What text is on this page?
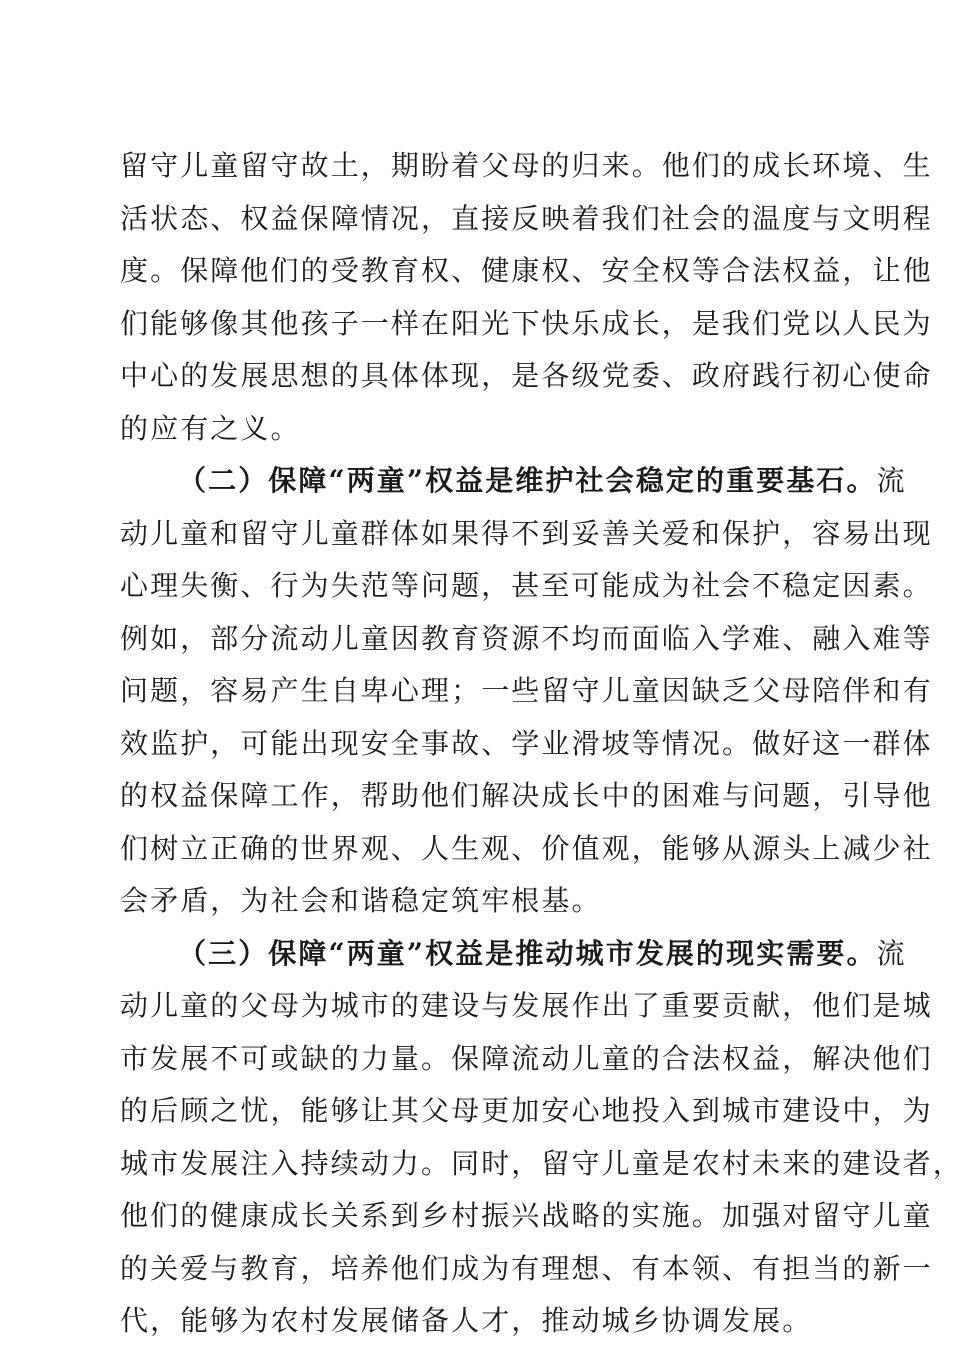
留守儿童留守故土，期盼着父母的归来。他们的成长环境、生
活状态、权益保障情况，直接反映着我们社会的温度与文明程
度。保障他们的受教育权、健康权、安全权等合法权益，让他
们能够像其他孩子一样在阳光下快乐成长，是我们党以人民为
中心的发展思想的具体体现，是各级党委、政府践行初心使命
的应有之义。
（二）保障“两童”权益是维护社会稳定的重要基石。流
动儿童和留守儿童群体如果得不到妥善关爱和保护，容易出现
心理失衡、行为失范等问题，甚至可能成为社会不稳定因素。
例如，部分流动儿童因教育资源不均而面临入学难、融入难等
问题，容易产生自卑心理；一些留守儿童因缺乏父母陪伴和有
效监护，可能出现安全事故、学业滑坡等情况。做好这一群体
的权益保障工作，帮助他们解决成长中的困难与问题，引导他
们树立正确的世界观、人生观、价值观，能够从源头上减少社
会矛盾，为社会和谐稳定筑牢根基。
（三）保障“两童”权益是推动城市发展的现实需要。流
动儿童的父母为城市的建设与发展作出了重要贡献，他们是城
市发展不可或缺的力量。保障流动儿童的合法权益，解决他们
的后顾之忧，能够让其父母更加安心地投入到城市建设中，为
城市发展注入持续动力。同时，留守儿童是农村未来的建设者，
他们的健康成长关系到乡村振兴战略的实施。加强对留守儿童
的关爱与教育，培养他们成为有理想、有本领、有担当的新一
代，能够为农村发展储备人才，推动城乡协调发展。
